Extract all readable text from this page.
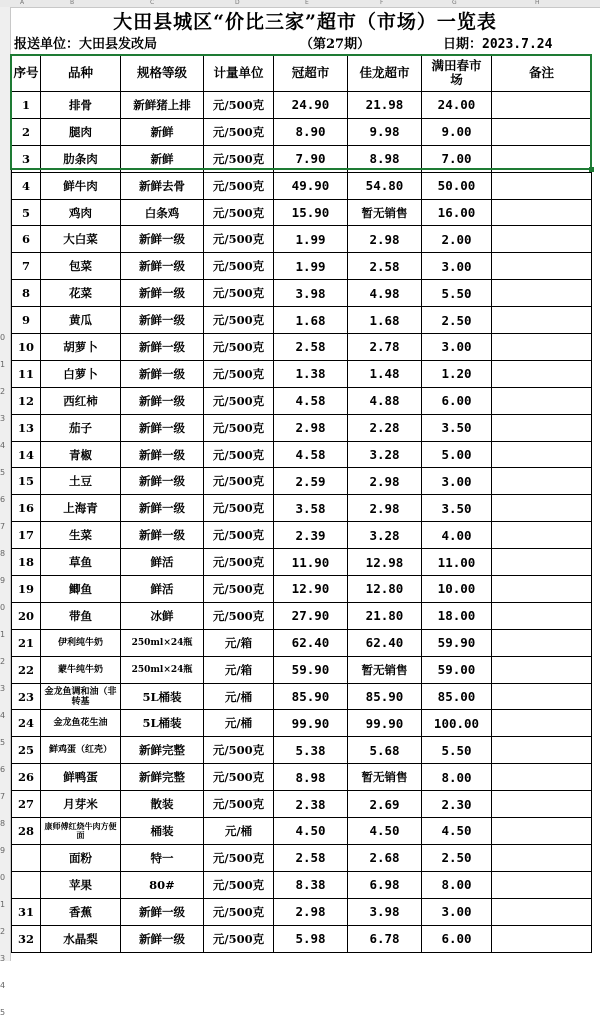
A	B	C	D	E	F	G	H
0
1
2
3
4
5
6
7
8
9
0
1
2
3
4
5
6
7
8
9
0
1
2
3
4
5
大田县城区“价比三家”超市（市场）一览表
报送单位：大田县发改局	（第27期）	日期：2023.7.24
序号	品种	规格等级	计量单位	冠超市	佳龙超市	满田春市场	备注
1	排骨	新鲜猪上排	元/500克	24.90	21.98	24.00	
2	腿肉	新鲜	元/500克	8.90	9.98	9.00	
3	肋条肉	新鲜	元/500克	7.90	8.98	7.00	
4	鲜牛肉	新鲜去骨	元/500克	49.90	54.80	50.00	
5	鸡肉	白条鸡	元/500克	15.90	暂无销售	16.00	
6	大白菜	新鲜一级	元/500克	1.99	2.98	2.00	
7	包菜	新鲜一级	元/500克	1.99	2.58	3.00	
8	花菜	新鲜一级	元/500克	3.98	4.98	5.50	
9	黄瓜	新鲜一级	元/500克	1.68	1.68	2.50	
10	胡萝卜	新鲜一级	元/500克	2.58	2.78	3.00	
11	白萝卜	新鲜一级	元/500克	1.38	1.48	1.20	
12	西红柿	新鲜一级	元/500克	4.58	4.88	6.00	
13	茄子	新鲜一级	元/500克	2.98	2.28	3.50	
14	青椒	新鲜一级	元/500克	4.58	3.28	5.00	
15	土豆	新鲜一级	元/500克	2.59	2.98	3.00	
16	上海青	新鲜一级	元/500克	3.58	2.98	3.50	
17	生菜	新鲜一级	元/500克	2.39	3.28	4.00	
18	草鱼	鲜活	元/500克	11.90	12.98	11.00	
19	鲫鱼	鲜活	元/500克	12.90	12.80	10.00	
20	带鱼	冰鲜	元/500克	27.90	21.80	18.00	
21	伊利纯牛奶	250ml×24瓶	元/箱	62.40	62.40	59.90	
22	蒙牛纯牛奶	250ml×24瓶	元/箱	59.90	暂无销售	59.00	
23	金龙鱼调和油（非转基	5L桶装	元/桶	85.90	85.90	85.00	
24	金龙鱼花生油	5L桶装	元/桶	99.90	99.90	100.00	
25	鲜鸡蛋（红壳）	新鲜完整	元/500克	5.38	5.68	5.50	
26	鲜鸭蛋	新鲜完整	元/500克	8.98	暂无销售	8.00	
27	月芽米	散装	元/500克	2.38	2.69	2.30	
28	康师傅红烧牛肉方便面	桶装	元/桶	4.50	4.50	4.50	
	面粉	特一	元/500克	2.58	2.68	2.50	
	苹果	80#	元/500克	8.38	6.98	8.00	
31	香蕉	新鲜一级	元/500克	2.98	3.98	3.00	
32	水晶梨	新鲜一级	元/500克	5.98	6.78	6.00	
